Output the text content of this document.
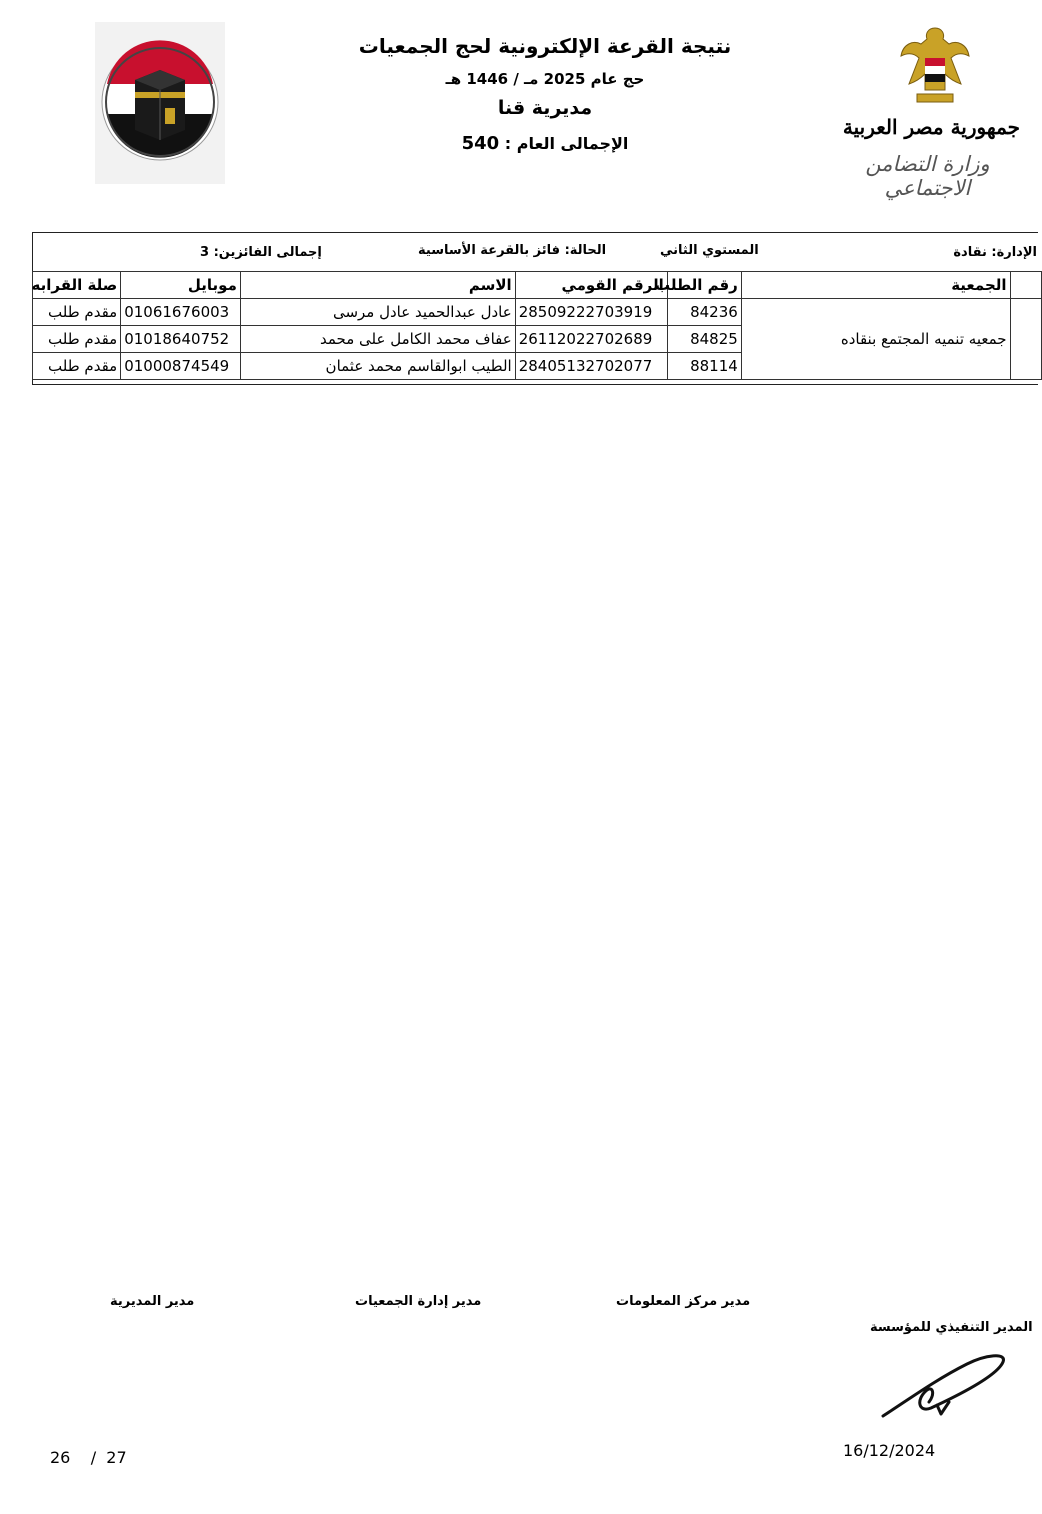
نتيجة القرعة الإلكترونية لحج الجمعيات
حج عام 2025 مـ / 1446 هـ
مديرية قنا
الإجمالى العام : 540
جمهورية مصر العربية
وزارة التضامن الاجتماعي
الإدارة: نقادة
المستوي الثاني
الحالة: فائز بالقرعة الأساسية
إجمالى الفائزين: 3
صلة القرابه	موبايل	الاسم	الرقم القومي	رقم الطلب	الجمعية	
مقدم طلب	01061676003	عادل عبدالحميد عادل مرسى	28509222703919	84236	جمعيه تنميه المجتمع بنقاده	
مقدم طلب	01018640752	عفاف محمد الكامل على محمد	26112022702689	84825		
مقدم طلب	01000874549	الطيب ابوالقاسم محمد عثمان	28405132702077	88114		
مدير المديرية	مدير إدارة الجمعيات	مدير مركز المعلومات
المدير التنفيذي للمؤسسة
26    /  27	16/12/2024
